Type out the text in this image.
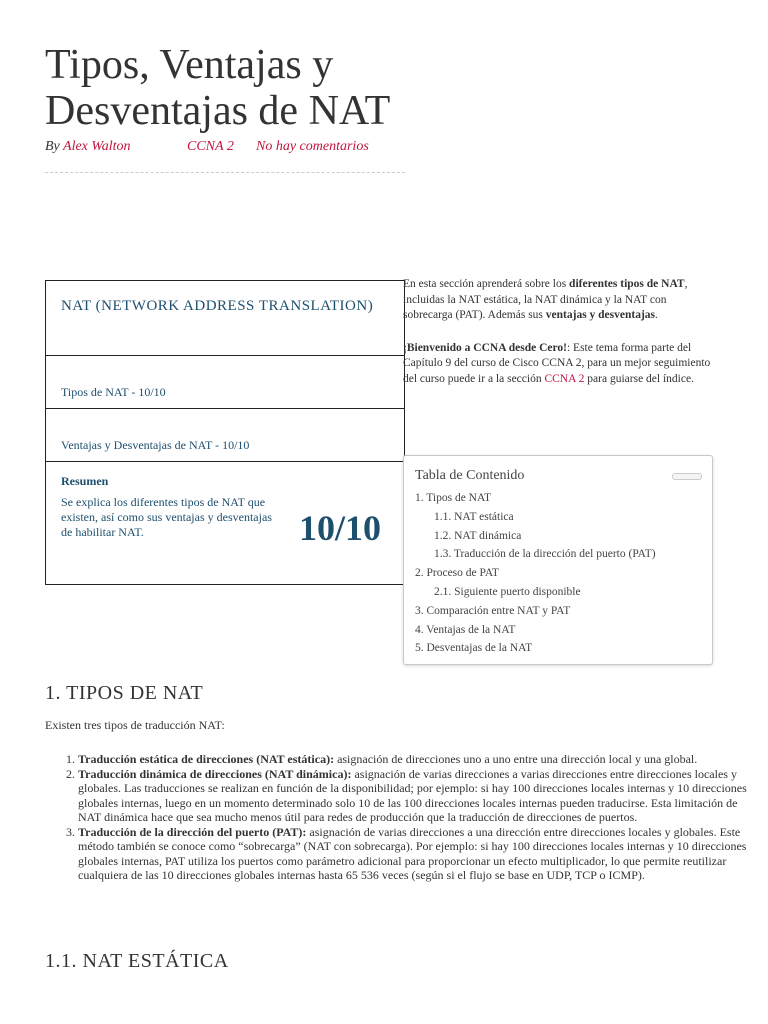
Tipos, Ventajas y Desventajas de NAT
By Alex Walton	CCNA 2 No hay comentarios
NAT (NETWORK ADDRESS TRANSLATION)
Tipos de NAT - 10/10
Ventajas y Desventajas de NAT - 10/10
Resumen
Se explica los diferentes tipos de NAT que existen, así como sus ventajas y desventajas de habilitar NAT.	10/10

En esta sección aprenderá sobre los diferentes tipos de NAT, incluidas la NAT estática, la NAT dinámica y la NAT con sobrecarga (PAT). Además sus ventajas y desventajas.

¡Bienvenido a CCNA desde Cero!: Este tema forma parte del Capítulo 9 del curso de Cisco CCNA 2, para un mejor seguimiento del curso puede ir a la sección CCNA 2 para guiarse del índice.

Tabla de Contenido
1. Tipos de NAT
1.1. NAT estática
1.2. NAT dinámica
1.3. Traducción de la dirección del puerto (PAT)
2. Proceso de PAT
2.1. Siguiente puerto disponible
3. Comparación entre NAT y PAT
4. Ventajas de la NAT
5. Desventajas de la NAT
1. TIPOS DE NAT

Existen tres tipos de traducción NAT:

1. Traducción estática de direcciones (NAT estática): asignación de direcciones uno a uno entre una dirección local y una global.
2. Traducción dinámica de direcciones (NAT dinámica): asignación de varias direcciones a varias direcciones entre direcciones locales y globales. Las traducciones se realizan en función de la disponibilidad; por ejemplo: si hay 100 direcciones locales internas y 10 direcciones globales internas, luego en un momento determinado solo 10 de las 100 direcciones locales internas pueden traducirse. Esta limitación de NAT dinámica hace que sea mucho menos útil para redes de producción que la traducción de direcciones de puertos.
3. Traducción de la dirección del puerto (PAT): asignación de varias direcciones a una dirección entre direcciones locales y globales. Este método también se conoce como “sobrecarga” (NAT con sobrecarga). Por ejemplo: si hay 100 direcciones locales internas y 10 direcciones globales internas, PAT utiliza los puertos como parámetro adicional para proporcionar un efecto multiplicador, lo que permite reutilizar cualquiera de las 10 direcciones globales internas hasta 65 536 veces (según si el flujo se base en UDP, TCP o ICMP).
1.1. NAT ESTÁTICA
